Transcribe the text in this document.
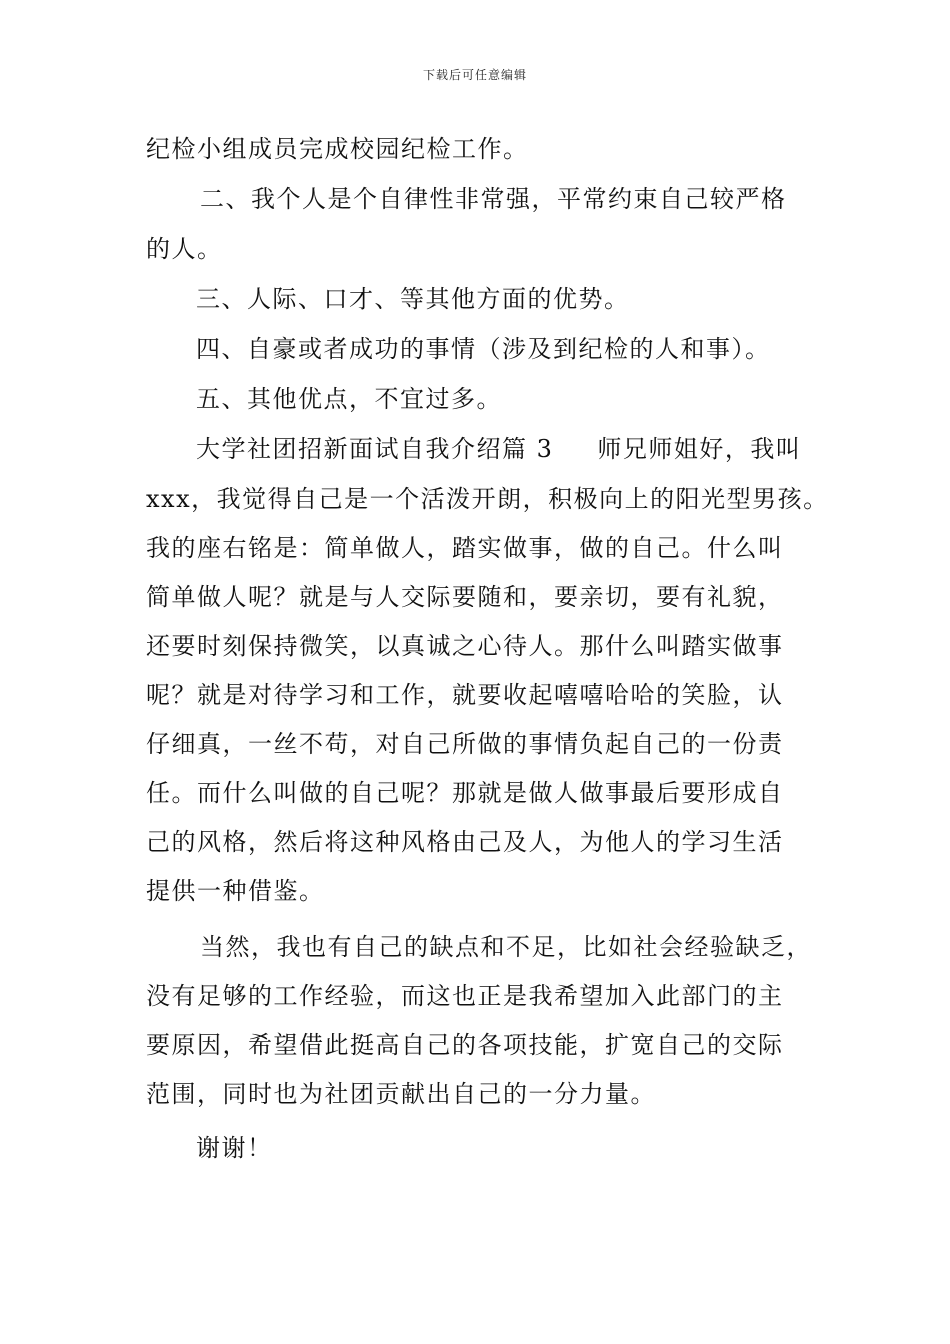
下载后可任意编辑
纪检小组成员完成校园纪检工作。
二、我个人是个自律性非常强，平常约束自己较严格
的人。
三、人际、口才、等其他方面的优势。
四、自豪或者成功的事情（涉及到纪检的人和事）。
五、其他优点，不宜过多。
大学社团招新面试自我介绍篇 3 师兄师姐好，我叫
xxx，我觉得自己是一个活泼开朗，积极向上的阳光型男孩。
我的座右铭是：简单做人，踏实做事，做的自己。什么叫
简单做人呢？就是与人交际要随和，要亲切，要有礼貌，
还要时刻保持微笑，以真诚之心待人。那什么叫踏实做事
呢？就是对待学习和工作，就要收起嘻嘻哈哈的笑脸，认
仔细真，一丝不苟，对自己所做的事情负起自己的一份责
任。而什么叫做的自己呢？那就是做人做事最后要形成自
己的风格，然后将这种风格由己及人，为他人的学习生活
提供一种借鉴。
当然，我也有自己的缺点和不足，比如社会经验缺乏，
没有足够的工作经验，而这也正是我希望加入此部门的主
要原因，希望借此挺高自己的各项技能，扩宽自己的交际
范围，同时也为社团贡献出自己的一分力量。
谢谢！
